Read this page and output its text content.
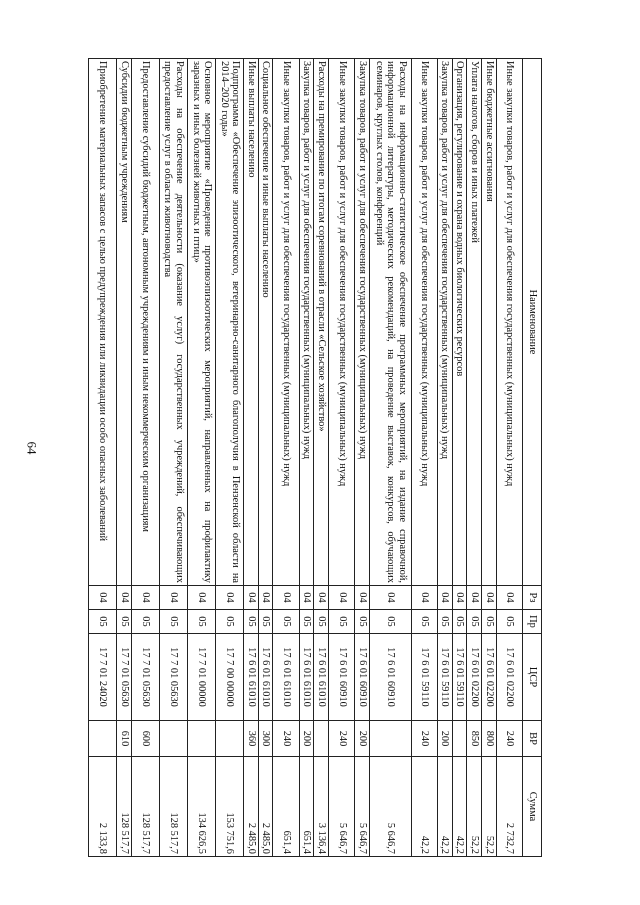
64
Наименование	Рз	Пр	ЦСР	ВР	Сумма
Иные закупки товаров, работ и услуг для обеспечения государственных (муниципальных) нужд	04	05	17 6 01 02200	240	2 732,7
Иные бюджетные ассигнования	04	05	17 6 01 02200	800	52,2
Уплата налогов, сборов и иных платежей	04	05	17 6 01 02200	850	52,2
Организация, регулирование и охрана водных биологических ресурсов	04	05	17 6 01 59110		42,2
Закупка товаров, работ и услуг для обеспечения государственных (муниципальных) нужд	04	05	17 6 01 59110	200	42,2
Иные закупки товаров, работ и услуг для обеспечения государственных (муниципальных) нужд	04	05	17 6 01 59110	240	42,2
Расходы на информационно-статистическое обеспечение программных мероприятий, на издание справочной, информационной литературы, методических рекомендаций, на проведение выставок, конкурсов, обучающих семинаров, круглых столов, конференций	04	05	17 6 01 60910		5 646,7
Закупка товаров, работ и услуг для обеспечения государственных (муниципальных) нужд	04	05	17 6 01 60910	200	5 646,7
Иные закупки товаров, работ и услуг для обеспечения государственных (муниципальных) нужд	04	05	17 6 01 60910	240	5 646,7
Расходы на премирование по итогам соревнований в отрасли «Сельское хозяйство»	04	05	17 6 01 61010		3 136,4
Закупка товаров, работ и услуг для обеспечения государственных (муниципальных) нужд	04	05	17 6 01 61010	200	651,4
Иные закупки товаров, работ и услуг для обеспечения государственных (муниципальных) нужд	04	05	17 6 01 61010	240	651,4
Социальное обеспечение и иные выплаты населению	04	05	17 6 01 61010	300	2 485,0
Иные выплаты населению	04	05	17 6 01 61010	360	2 485,0
Подпрограмма «Обеспечение эпизоотического, ветеринарно-санитарного благополучия в Пензенской области на 2014–2020 годы»	04	05	17 7 00 00000		153 751,6
Основное мероприятие «Проведение противоэпизоотических мероприятий, направленных на профилактику заразных и иных болезней животных и птиц»	04	05	17 7 01 00000		134 626,5
Расходы на обеспечение деятельности (оказание услуг) государственных учреждений, обеспечивающих предоставление услуг в области животноводства	04	05	17 7 01 05630		128 517,7
Предоставление субсидий бюджетным, автономным учреждениям и иным некоммерческим организациям	04	05	17 7 01 05630	600	128 517,7
Субсидии бюджетным учреждениям	04	05	17 7 01 05630	610	128 517,7
Приобретение материальных запасов с целью предупреждения или ликвидации особо опасных заболеваний	04	05	17 7 01 24020		2 133,8
